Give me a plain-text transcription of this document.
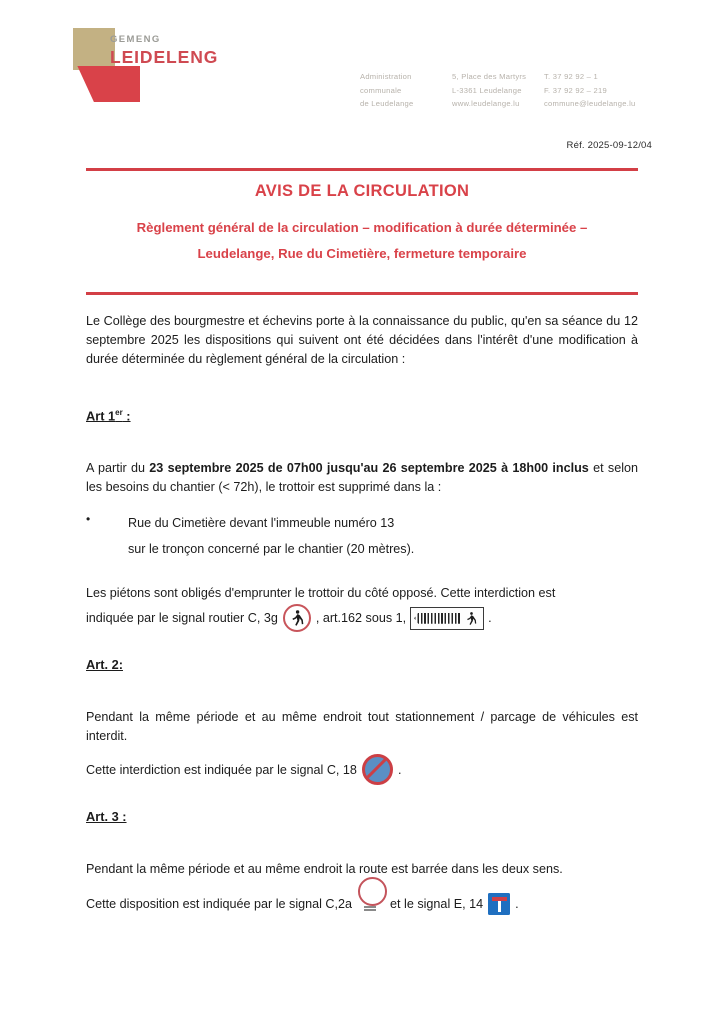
GEMENG
LEIDELENG
Administration
communale
de Leudelange
5, Place des Martyrs
L-3361 Leudelange
www.leudelange.lu
T. 37 92 92 – 1
F. 37 92 92 – 219
commune@leudelange.lu
Réf. 2025-09-12/04
AVIS DE LA CIRCULATION
Règlement général de la circulation – modification à durée déterminée –
Leudelange, Rue du Cimetière, fermeture temporaire

Le Collège des bourgmestre et échevins porte à la connaissance du public, qu'en sa séance du 12 septembre 2025 les dispositions qui suivent ont été décidées dans l'intérêt d'une modification à durée déterminée du règlement général de la circulation :

Art 1er :

A partir du 23 septembre 2025 de 07h00 jusqu'au 26 septembre 2025 à 18h00 inclus et selon les besoins du chantier (< 72h), le trottoir est supprimé dans la :

•	Rue du Cimetière devant l'immeuble numéro 13
sur le tronçon concerné par le chantier (20 mètres).

Les piétons sont obligés d'emprunter le trottoir du côté opposé. Cette interdiction est

indiquée par le signal routier C, 3g	, art.162 sous 1,	.

Art. 2:

Pendant la même période et au même endroit tout stationnement / parcage de véhicules est interdit.

Cette interdiction est indiquée par le signal C, 18	.

Art. 3 :

Pendant la même période et au même endroit la route est barrée dans les deux sens.

Cette disposition est indiquée par le signal C,2a	et le signal E, 14	.
